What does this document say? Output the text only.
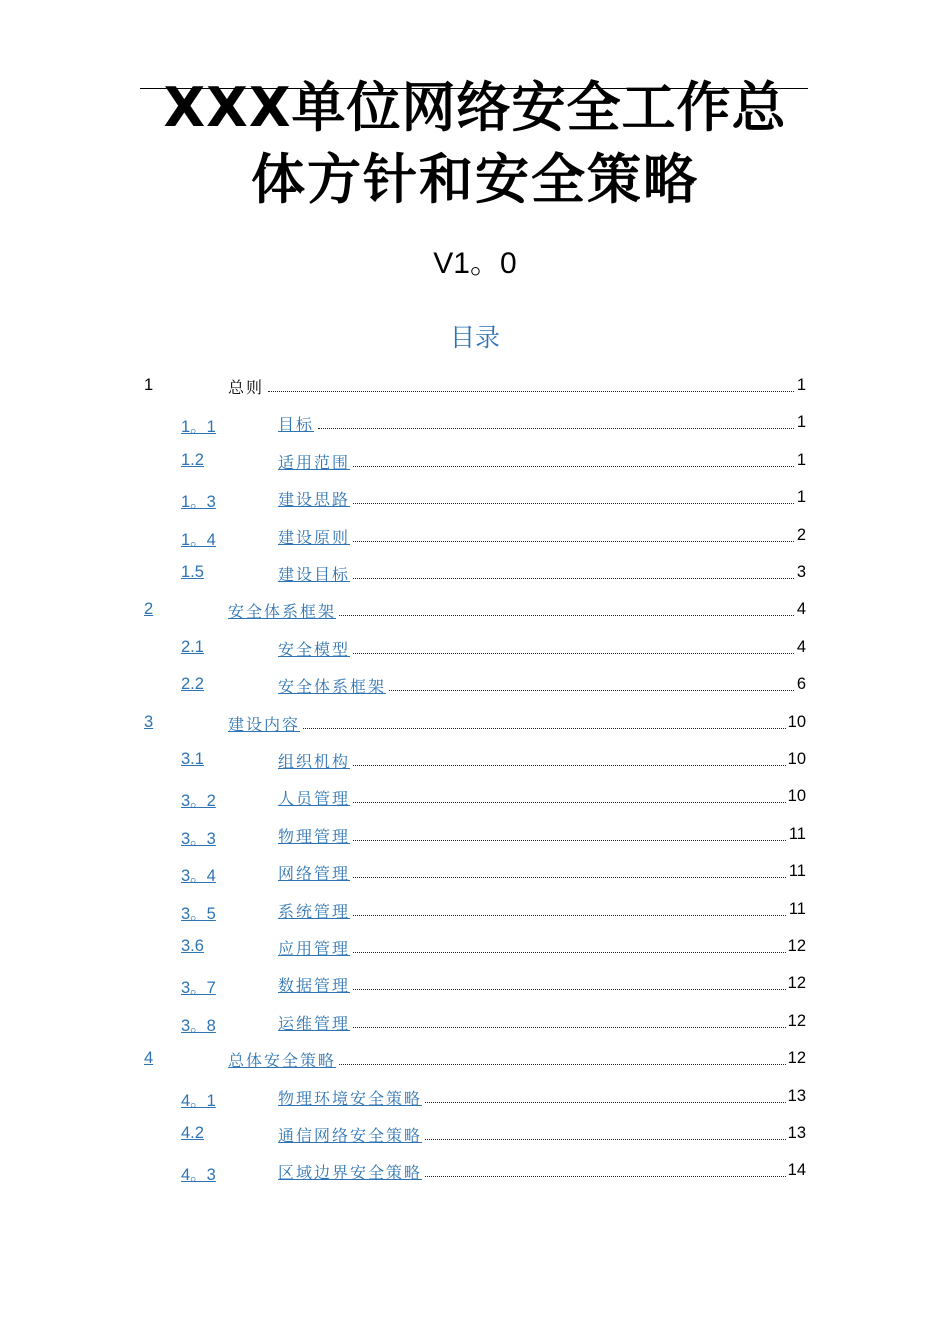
XXX单位网络安全工作总
体方针和安全策略
V1。0
目录
1	总则	1
1。1	目标	1
1.2	适用范围	1
1。3	建设思路	1
1。4	建设原则	2
1.5	建设目标	3
2	安全体系框架	4
2.1	安全模型	4
2.2	安全体系框架	6
3	建设内容	10
3.1	组织机构	10
3。2	人员管理	10
3。3	物理管理	11
3。4	网络管理	11
3。5	系统管理	11
3.6	应用管理	12
3。7	数据管理	12
3。8	运维管理	12
4	总体安全策略	12
4。1	物理环境安全策略	13
4.2	通信网络安全策略	13
4。3	区域边界安全策略	14
